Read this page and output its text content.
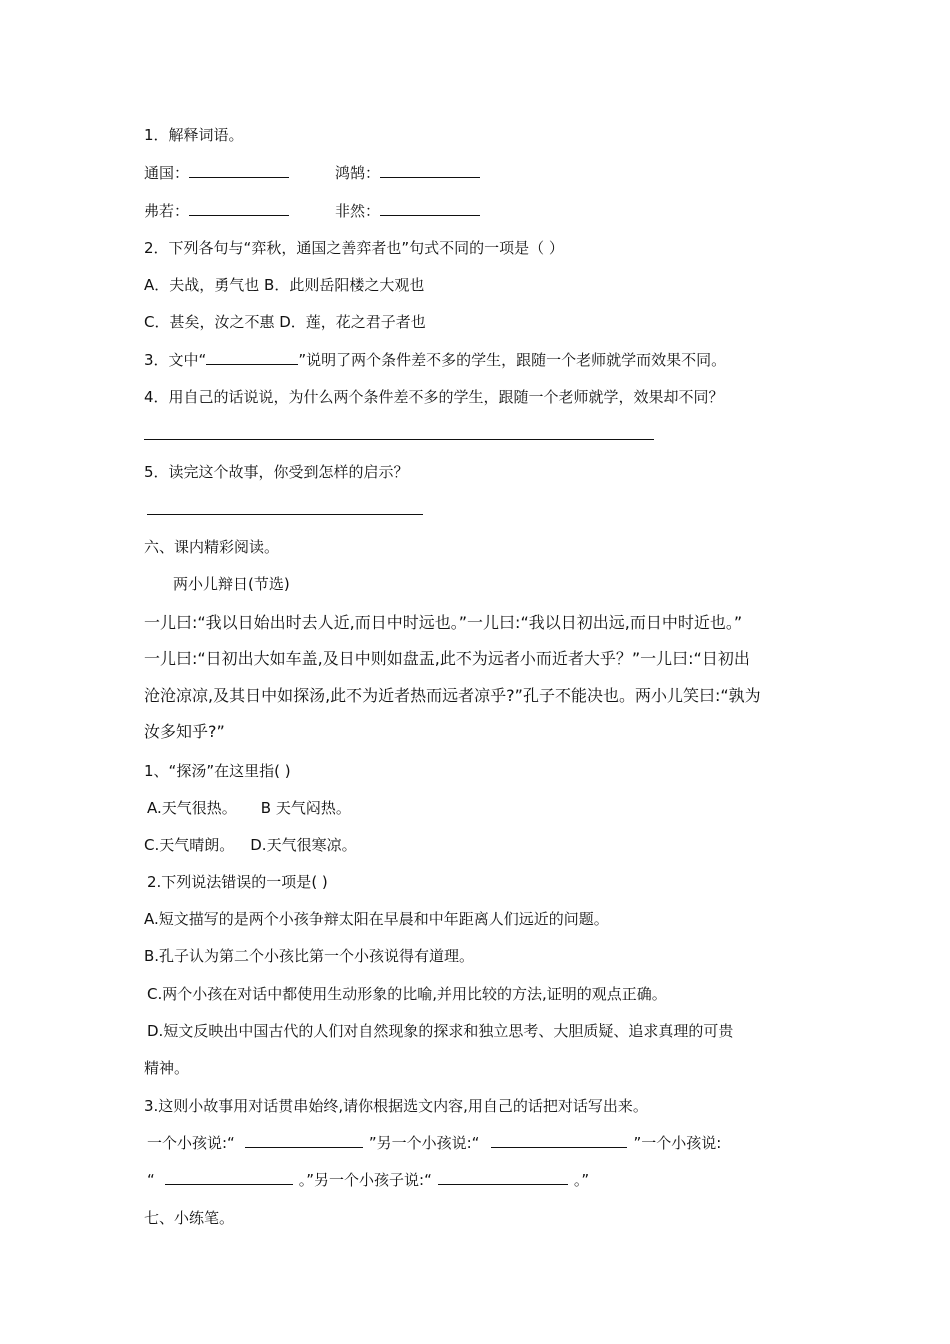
1．解释词语。
通国：	鸿鹄：
弗若：	非然：
2．下列各句与“弈秋，通国之善弈者也”句式不同的一项是（ ）
A．夫战，勇气也 B．此则岳阳楼之大观也
C．甚矣，汝之不惠 D．莲，花之君子者也
3．文中“	”说明了两个条件差不多的学生，跟随一个老师就学而效果不同。
4．用自己的话说说，为什么两个条件差不多的学生，跟随一个老师就学，效果却不同？
5．读完这个故事，你受到怎样的启示？
六、课内精彩阅读。
两小儿辩日(节选)
一儿曰:“我以日始出时去人近,而日中时远也。”一儿曰:“我以日初出远,而日中时近也。”
一儿曰:“日初出大如车盖,及日中则如盘盂,此不为远者小而近者大乎？”一儿曰:“日初出
沧沧凉凉,及其日中如探汤,此不为近者热而远者凉乎?”孔子不能决也。两小儿笑曰:“孰为
汝多知乎?”
1、“探汤”在这里指( )
A.天气很热。 B 天气闷热。
C.天气晴朗。 D.天气很寒凉。
2.下列说法错误的一项是( )
A.短文描写的是两个小孩争辩太阳在早晨和中年距离人们远近的问题。
B.孔子认为第二个小孩比第一个小孩说得有道理。
C.两个小孩在对话中都使用生动形象的比喻,并用比较的方法,证明的观点正确。
D.短文反映出中国古代的人们对自然现象的探求和独立思考、大胆质疑、追求真理的可贵
精神。
3.这则小故事用对话贯串始终,请你根据选文内容,用自己的话把对话写出来。
一个小孩说:“	”另一个小孩说:“	”一个小孩说:
“	。”另一个小孩子说:“	。”
七、小练笔。
